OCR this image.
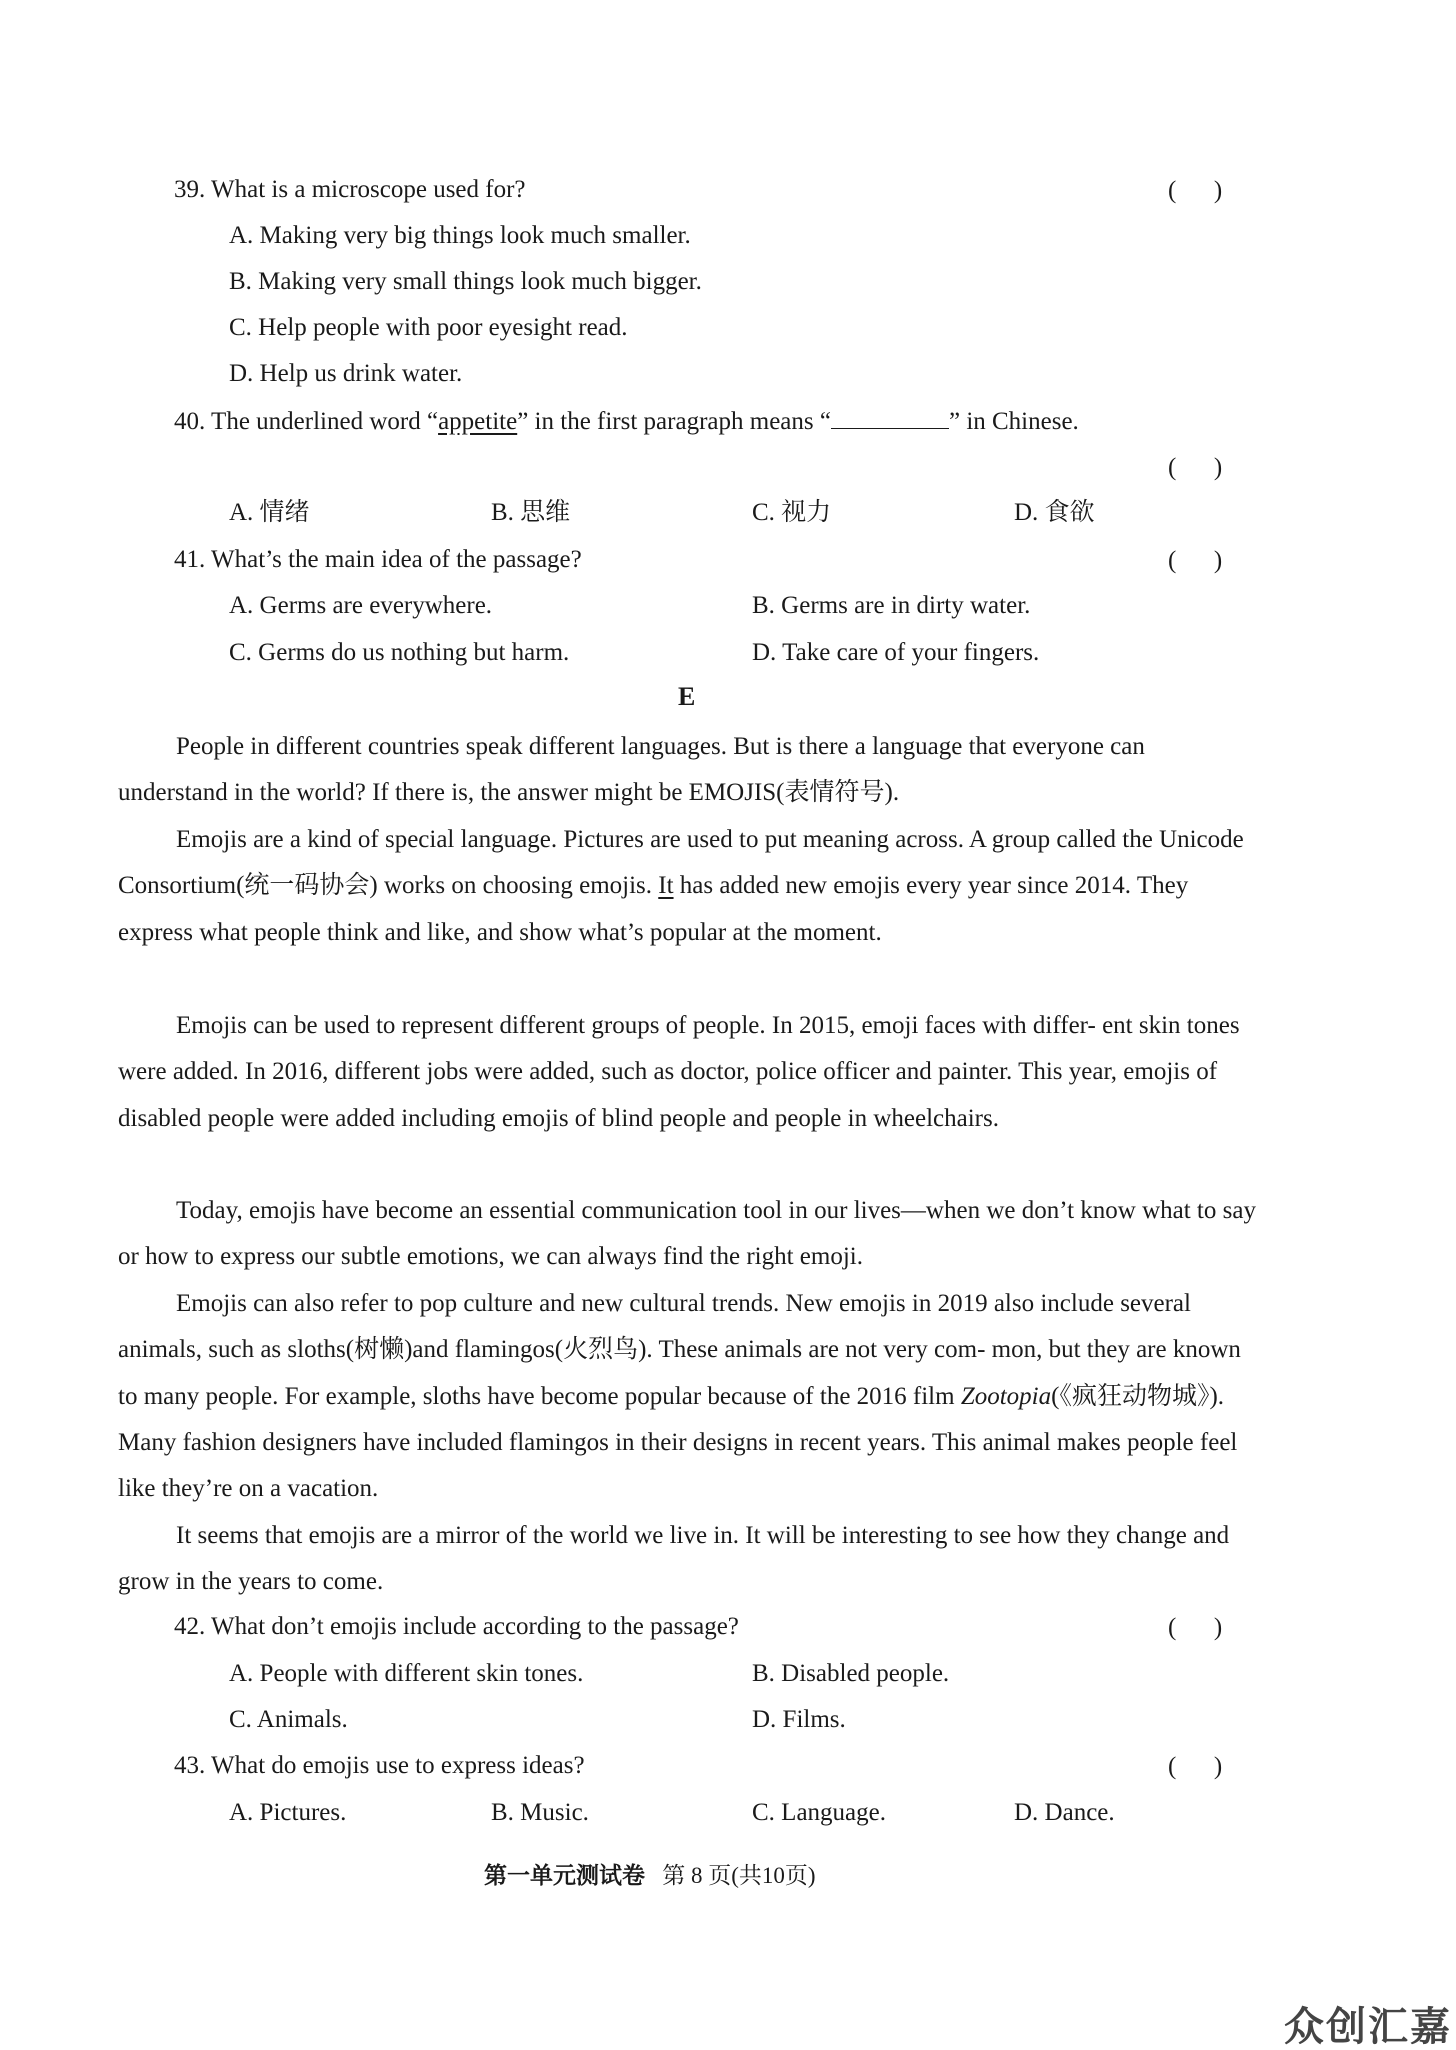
39. What is a microscope used for?	(      )
A. Making very big things look much smaller.
B. Making very small things look much bigger.
C. Help people with poor eyesight read.
D. Help us drink water.
40. The underlined word “appetite” in the first paragraph means “	” in Chinese.
(      )
A. 情绪	B. 思维	C. 视力	D. 食欲
41. What’s the main idea of the passage?	(      )
A. Germs are everywhere.	B. Germs are in dirty water.
C. Germs do us nothing but harm.	D. Take care of your fingers.
E

People in different countries speak different languages. But is there a language that everyone can understand in the world? If there is, the answer might be EMOJIS(表情符号).

Emojis are a kind of special language. Pictures are used to put meaning across. A group called the Unicode Consortium(统一码协会) works on choosing emojis. It has added new emojis every year since 2014. They express what people think and like, and show what’s popular at the moment.

Emojis can be used to represent different groups of people. In 2015, emoji faces with differ- ent skin tones were added. In 2016, different jobs were added, such as doctor, police officer and painter. This year, emojis of disabled people were added including emojis of blind people and people in wheelchairs.

Today, emojis have become an essential communication tool in our lives—when we don’t know what to say or how to express our subtle emotions, we can always find the right emoji.

Emojis can also refer to pop culture and new cultural trends. New emojis in 2019 also include several animals, such as sloths(树懒)and flamingos(火烈鸟). These animals are not very com- mon, but they are known to many people. For example, sloths have become popular because of the 2016 film Zootopia(《疯狂动物城》). Many fashion designers have included flamingos in their designs in recent years. This animal makes people feel like they’re on a vacation.

It seems that emojis are a mirror of the world we live in. It will be interesting to see how they change and grow in the years to come.

42. What don’t emojis include according to the passage?	(      )
A. People with different skin tones.	B. Disabled people.
C. Animals.	D. Films.
43. What do emojis use to express ideas?	(      )
A. Pictures.	B. Music.	C. Language.	D. Dance.
第一单元测试卷 第 8 页(共10页)
众创汇嘉
